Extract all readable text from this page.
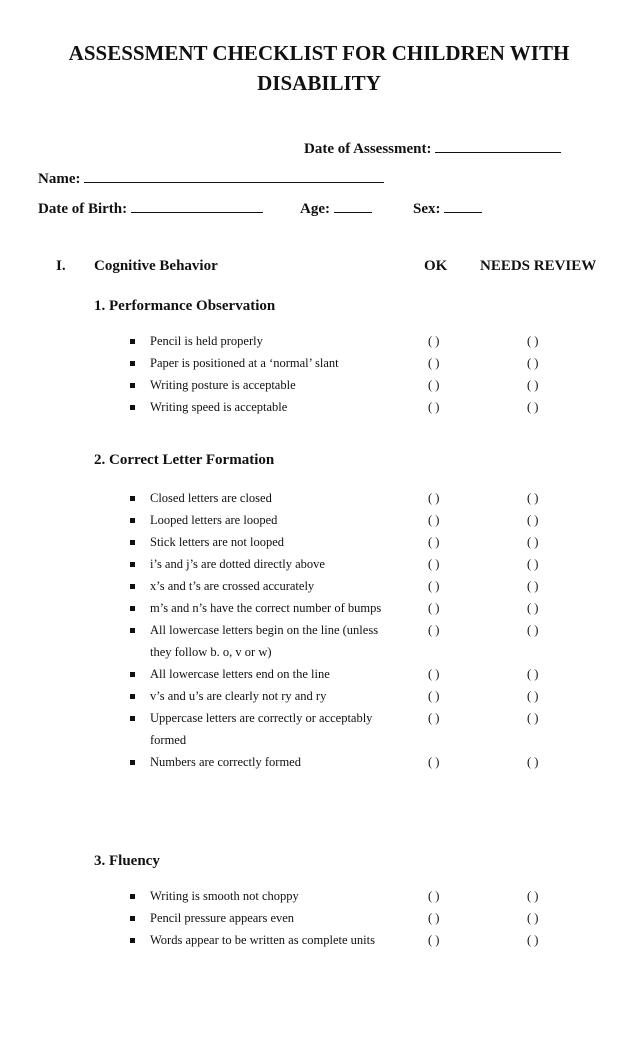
ASSESSMENT CHECKLIST FOR CHILDREN WITH
DISABILITY
Date of Assessment:
Name:
Date of Birth:	Age:	Sex:
I. Cognitive Behavior	OK NEEDS REVIEW
1. Performance Observation
Pencil is held properly	( )	( )
Paper is positioned at a ‘normal’ slant	( )	( )
Writing posture is acceptable	( )	( )
Writing speed is acceptable	( )	( )
Closed letters are closed	( )	( )
Looped letters are looped	( )	( )
Stick letters are not looped	( )	( )
i’s and j’s are dotted directly above	( )	( )
x’s and t’s are crossed accurately	( )	( )
m’s and n’s have the correct number of bumps	( )	( )
All lowercase letters begin on the line (unless	( )	( )
they follow b. o, v or w)
All lowercase letters end on the line	( )	( )
v’s and u’s are clearly not ry and ry	( )	( )
Uppercase letters are correctly or acceptably	( )	( )
formed
Numbers are correctly formed	( )	( )
Writing is smooth not choppy	( )	( )
Pencil pressure appears even	( )	( )
Words appear to be written as complete units	( )	( )
2. Correct Letter Formation
3. Fluency
